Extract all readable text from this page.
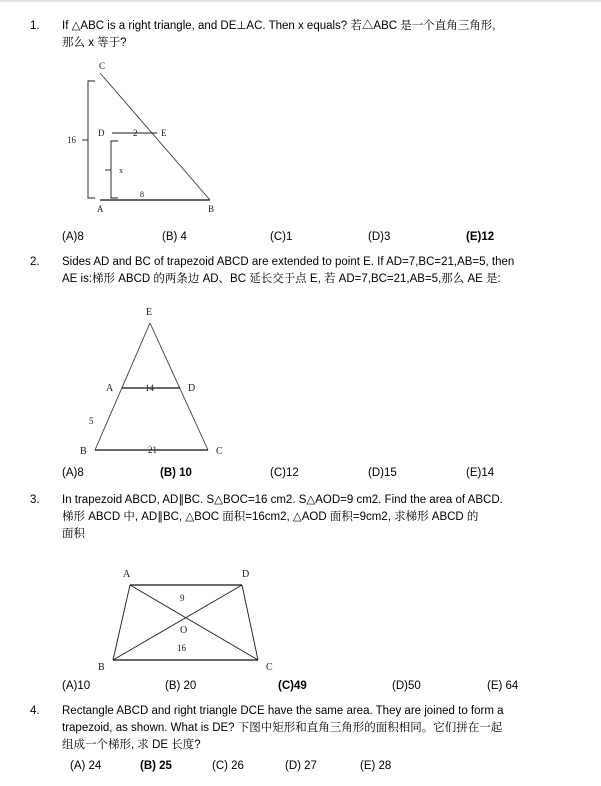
1.	If △ABC is a right triangle, and DE⊥AC. Then x equals? 若△ABC 是一个直角三角形,
那么 x 等于?
A	B
C
D	E
16
2
x
8
(A)8	(B) 4	(C)1	(D)3	(E)12
2.	Sides AD and BC of trapezoid ABCD are extended to point E. If AD=7,BC=21,AB=5, then
AE is:梯形 ABCD 的两条边 AD、BC 延长交于点 E, 若 AD=7,BC=21,AB=5,那么 AE 是:
E
A	D
B	C
14
21
5
(A)8	(B) 10	(C)12	(D)15	(E)14
3.	In trapezoid ABCD, AD∥BC. S△BOC=16 cm2. S△AOD=9 cm2. Find the area of ABCD.
梯形 ABCD 中, AD∥BC, △BOC 面积=16cm2, △AOD 面积=9cm2, 求梯形 ABCD 的
面积
A	D
B	C
O
9
16
(A)10	(B) 20	(C)49	(D)50	(E) 64
4.	Rectangle ABCD and right triangle DCE have the same area. They are joined to form a
trapezoid, as shown. What is DE? 下图中矩形和直角三角形的面积相同。它们拼在一起
组成一个梯形, 求 DE 长度?
(A) 24	(B) 25	(C) 26	(D) 27	(E) 28
